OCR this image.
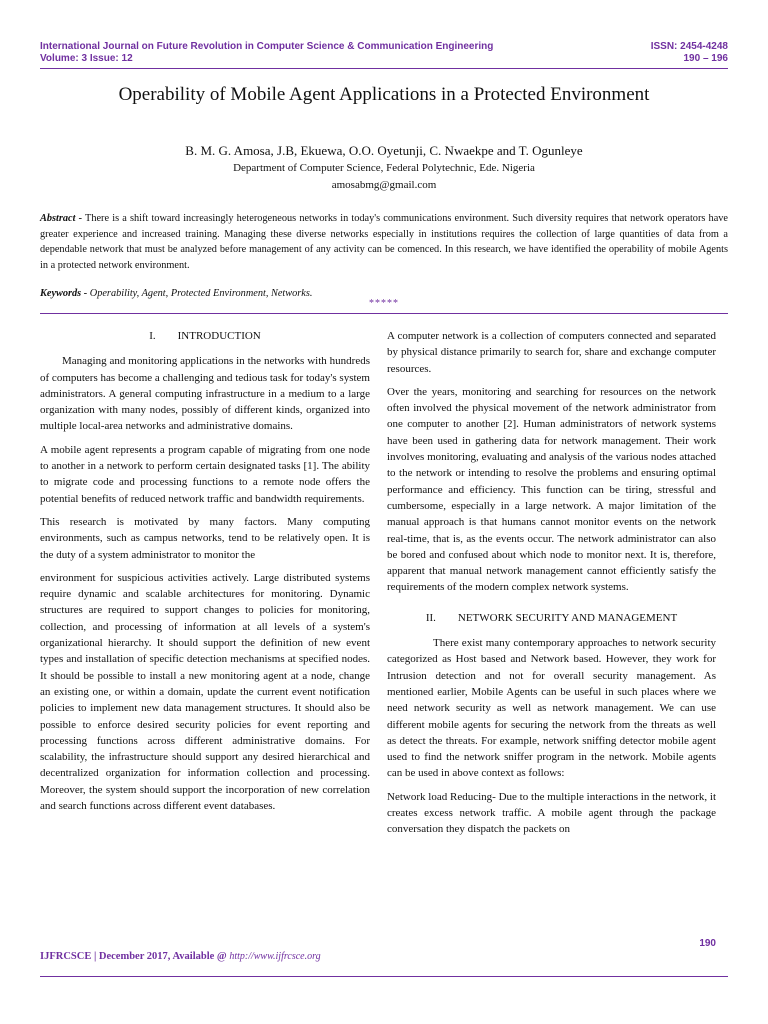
International Journal on Future Revolution in Computer Science & Communication Engineering
Volume: 3 Issue: 12
ISSN: 2454-4248
190 – 196
Operability of Mobile Agent Applications in a Protected Environment
B. M. G. Amosa, J.B, Ekuewa, O.O. Oyetunji, C. Nwaekpe and T. Ogunleye
Department of Computer Science, Federal Polytechnic, Ede. Nigeria
amosabmg@gmail.com

Abstract - There is a shift toward increasingly heterogeneous networks in today's communications environment. Such diversity requires that network operators have greater experience and increased training. Managing these diverse networks especially in institutions requires the collection of large quantities of data from a dependable network that must be analyzed before management of any activity can be comenced. In this research, we have identified the operability of mobile Agents in a protected network environment.

Keywords - Operability, Agent, Protected Environment, Networks.

*****

I.        INTRODUCTION

Managing and monitoring applications in the networks with hundreds of computers has become a challenging and tedious task for today's system administrators. A general computing infrastructure in a medium to a large organization with many nodes, possibly of different kinds, organized into multiple local-area networks and administrative domains.

A mobile agent represents a program capable of migrating from one node to another in a network to perform certain designated tasks [1]. The ability to migrate code and processing functions to a remote node offers the potential benefits of reduced network traffic and bandwidth requirements.

This research is motivated by many factors. Many computing environments, such as campus networks, tend to be relatively open. It is the duty of a system administrator to monitor the

environment for suspicious activities actively. Large distributed systems require dynamic and scalable architectures for monitoring. Dynamic structures are required to support changes to policies for monitoring, collection, and processing of information at all levels of a system's organizational hierarchy. It should support the definition of new event types and installation of specific detection mechanisms at specified nodes. It should be possible to install a new monitoring agent at a node, change an existing one, or within a domain, update the current event notification policies to implement new data management structures. It should also be possible to enforce desired security policies for event reporting and processing functions across different administrative domains. For scalability, the infrastructure should support any desired hierarchical and decentralized organization for information collection and processing. Moreover, the system should support the incorporation of new correlation and search functions across different event databases.

A computer network is a collection of computers connected and separated by physical distance primarily to search for, share and exchange computer resources.

Over the years, monitoring and searching for resources on the network often involved the physical movement of the network administrator from one computer to another [2]. Human administrators of network systems have been used in gathering data for network management. Their work involves monitoring, evaluating and analysis of the various nodes attached to the network or intending to resolve the problems and ensuring optimal performance and efficiency. This function can be tiring, stressful and cumbersome, especially in a large network. A major limitation of the manual approach is that humans cannot monitor events on the network real-time, that is, as the events occur. The network administrator can also be bored and confused about which node to monitor next. It is, therefore, apparent that manual network management cannot efficiently satisfy the requirements of the modern complex network systems.

II.        NETWORK SECURITY AND MANAGEMENT

There exist many contemporary approaches to network security categorized as Host based and Network based. However, they work for Intrusion detection and not for overall security management. As mentioned earlier, Mobile Agents can be useful in such places where we need network security as well as network management. We can use different mobile agents for securing the network from the threats as well as detect the threats. For example, network sniffing detector mobile agent used to find the network sniffer program in the network. Mobile agents can be used in above context as follows:

Network load Reducing- Due to the multiple interactions in the network, it creates excess network traffic. A mobile agent through the package conversation they dispatch the packets on

190
IJFRCSCE | December 2017, Available @ http://www.ijfrcsce.org
